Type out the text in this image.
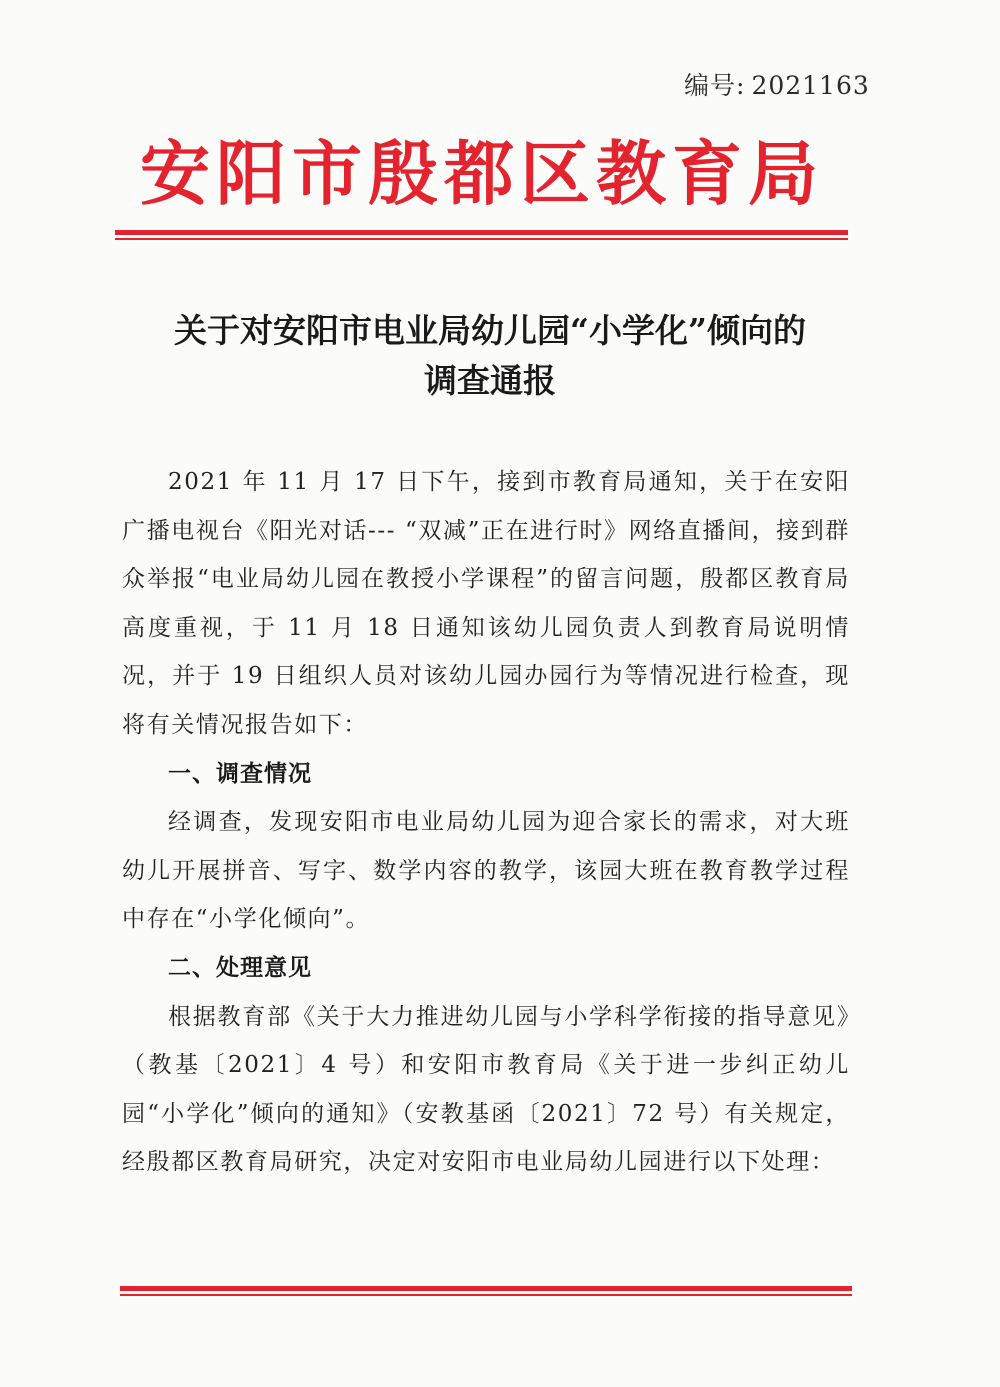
编号: 2021163
安阳市殷都区教育局
关于对安阳市电业局幼儿园“小学化”倾向的
调查通报

2021 年 11 月 17 日下午，接到市教育局通知，关于在安阳广播电视台《阳光对话--- “双减”正在进行时》网络直播间，接到群众举报“电业局幼儿园在教授小学课程”的留言问题，殷都区教育局高度重视，于 11 月 18 日通知该幼儿园负责人到教育局说明情况，并于 19 日组织人员对该幼儿园办园行为等情况进行检查，现将有关情况报告如下：

一、调查情况

经调查，发现安阳市电业局幼儿园为迎合家长的需求，对大班幼儿开展拼音、写字、数学内容的教学，该园大班在教育教学过程中存在“小学化倾向”。

二、处理意见

根据教育部《关于大力推进幼儿园与小学科学衔接的指导意见》（教基〔2021〕4 号）和安阳市教育局《关于进一步纠正幼儿园“小学化”倾向的通知》（安教基函〔2021〕72 号）有关规定，经殷都区教育局研究，决定对安阳市电业局幼儿园进行以下处理：
